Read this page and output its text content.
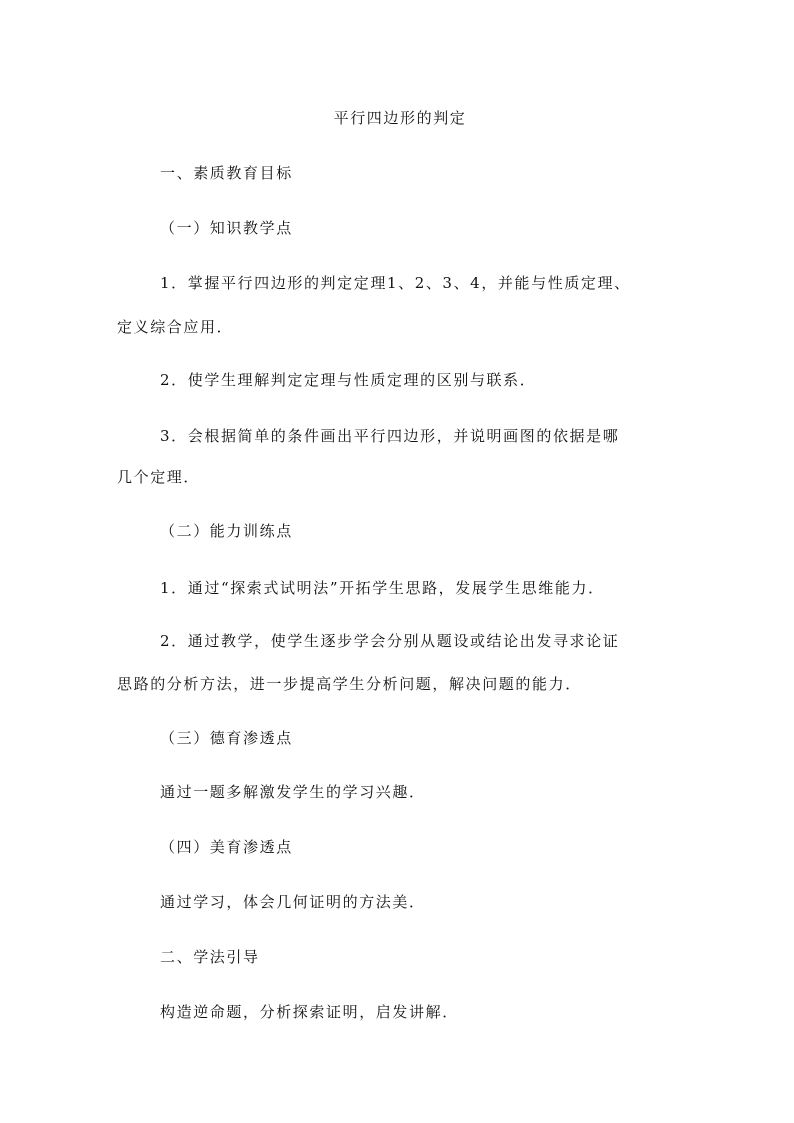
平行四边形的判定
一、素质教育目标
（一）知识教学点
1．掌握平行四边形的判定定理1、2、3、4，并能与性质定理、
定义综合应用．
2．使学生理解判定定理与性质定理的区别与联系．
3．会根据简单的条件画出平行四边形，并说明画图的依据是哪
几个定理．
（二）能力训练点
1．通过“探索式试明法”开拓学生思路，发展学生思维能力．
2．通过教学，使学生逐步学会分别从题设或结论出发寻求论证
思路的分析方法，进一步提高学生分析问题，解决问题的能力．
（三）德育渗透点
通过一题多解激发学生的学习兴趣．
（四）美育渗透点
通过学习，体会几何证明的方法美．
二、学法引导
构造逆命题，分析探索证明，启发讲解．
